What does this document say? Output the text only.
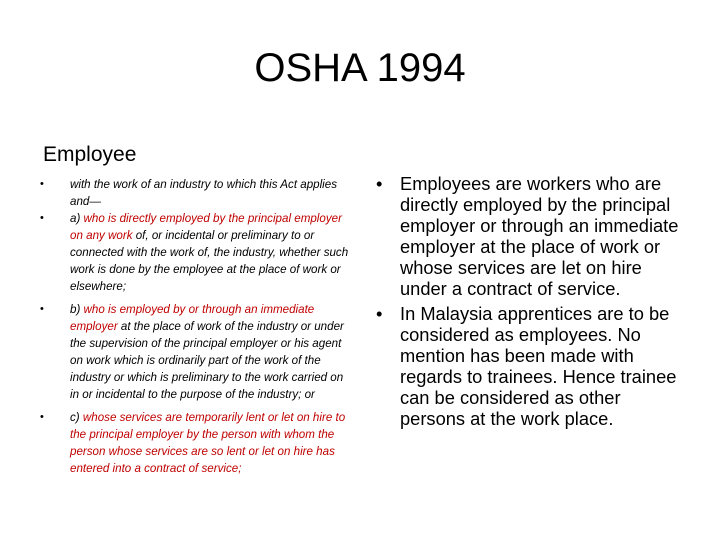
OSHA 1994
Employee
• with the work of an industry to which this Act applies and—
• a) who is directly employed by the principal employer on any work of, or incidental or preliminary to or connected with the work of, the industry, whether such work is done by the employee at the place of work or elsewhere;
• b) who is employed by or through an immediate employer at the place of work of the industry or under the supervision of the principal employer or his agent on work which is ordinarily part of the work of the industry or which is preliminary to the work carried on in or incidental to the purpose of the industry; or
• c) whose services are temporarily lent or let on hire to the principal employer by the person with whom the person whose services are so lent or let on hire has entered into a contract of service;
• Employees are workers who are directly employed by the principal employer or through an immediate employer at the place of work or whose services are let on hire under a contract of service.
• In Malaysia apprentices are to be considered as employees. No mention has been made with regards to trainees. Hence trainee can be considered as other persons at the work place.
